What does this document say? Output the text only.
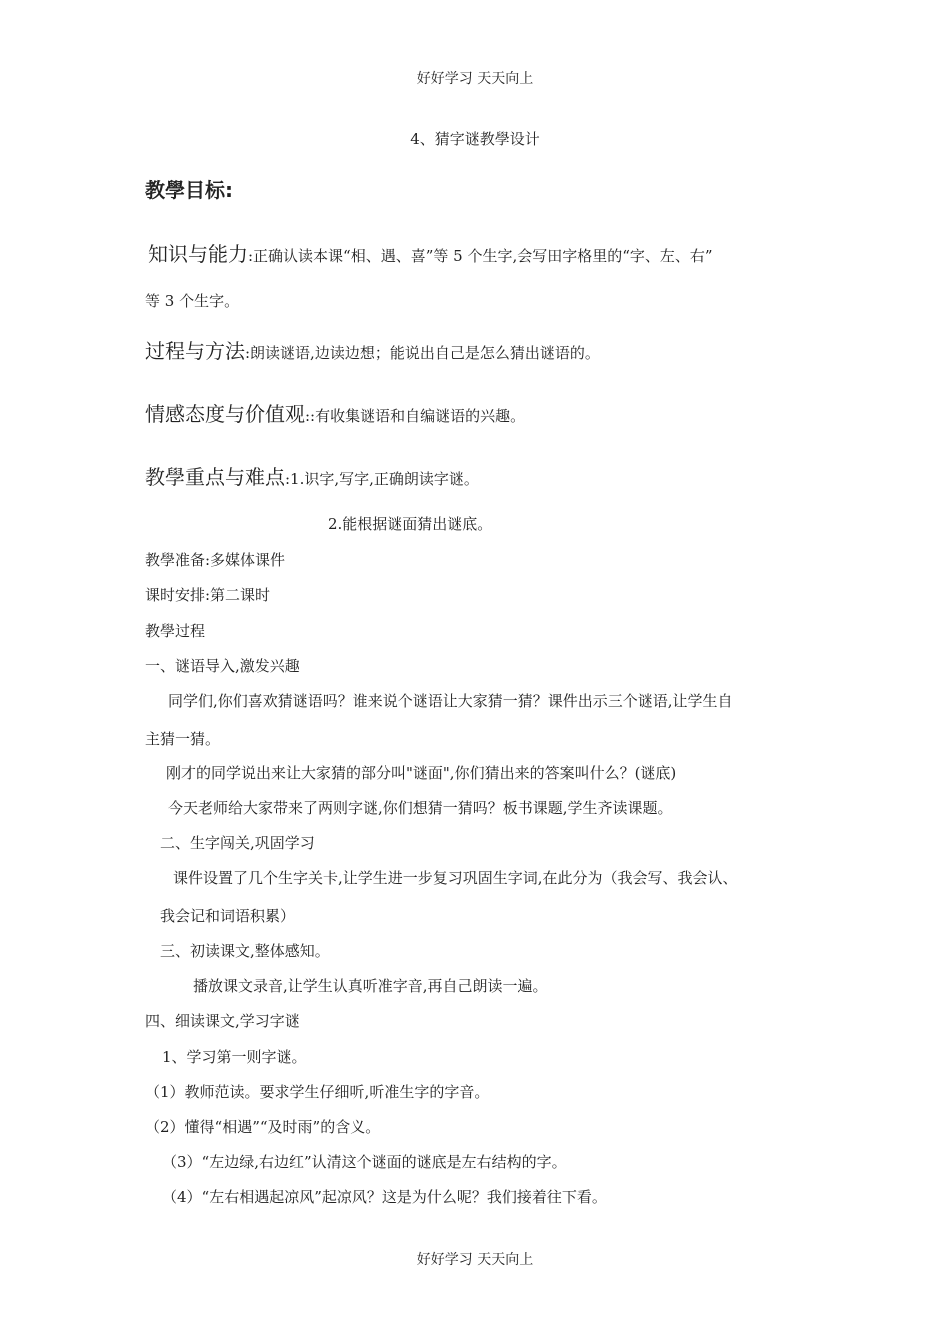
好好学习 天天向上
4、猜字谜教學设计
教學目标:
知识与能力:正确认读本课“相、遇、喜”等 5 个生字,会写田字格里的“字、左、右”
等 3 个生字。
过程与方法:朗读谜语,边读边想；能说出自己是怎么猜出谜语的。
情感态度与价值观::有收集谜语和自编谜语的兴趣。
教學重点与难点:1.识字,写字,正确朗读字谜。
2.能根据谜面猜出谜底。
教學准备:多媒体课件
课时安排:第二课时
教學过程
一、谜语导入,激发兴趣
同学们,你们喜欢猜谜语吗？谁来说个谜语让大家猜一猜？课件出示三个谜语,让学生自
主猜一猜。
刚才的同学说出来让大家猜的部分叫"谜面",你们猜出来的答案叫什么？(谜底)
今天老师给大家带来了两则字谜,你们想猜一猜吗？板书课题,学生齐读课题。
二、生字闯关,巩固学习
课件设置了几个生字关卡,让学生进一步复习巩固生字词,在此分为（我会写、我会认、
我会记和词语积累）
三、初读课文,整体感知。
播放课文录音,让学生认真听准字音,再自己朗读一遍。
四、细读课文,学习字谜
1、学习第一则字谜。
（1）教师范读。要求学生仔细听,听准生字的字音。
（2）懂得“相遇”“及时雨”的含义。
（3）“左边绿,右边红”认清这个谜面的谜底是左右结构的字。
（4）“左右相遇起凉风”起凉风？这是为什么呢？我们接着往下看。
好好学习 天天向上
